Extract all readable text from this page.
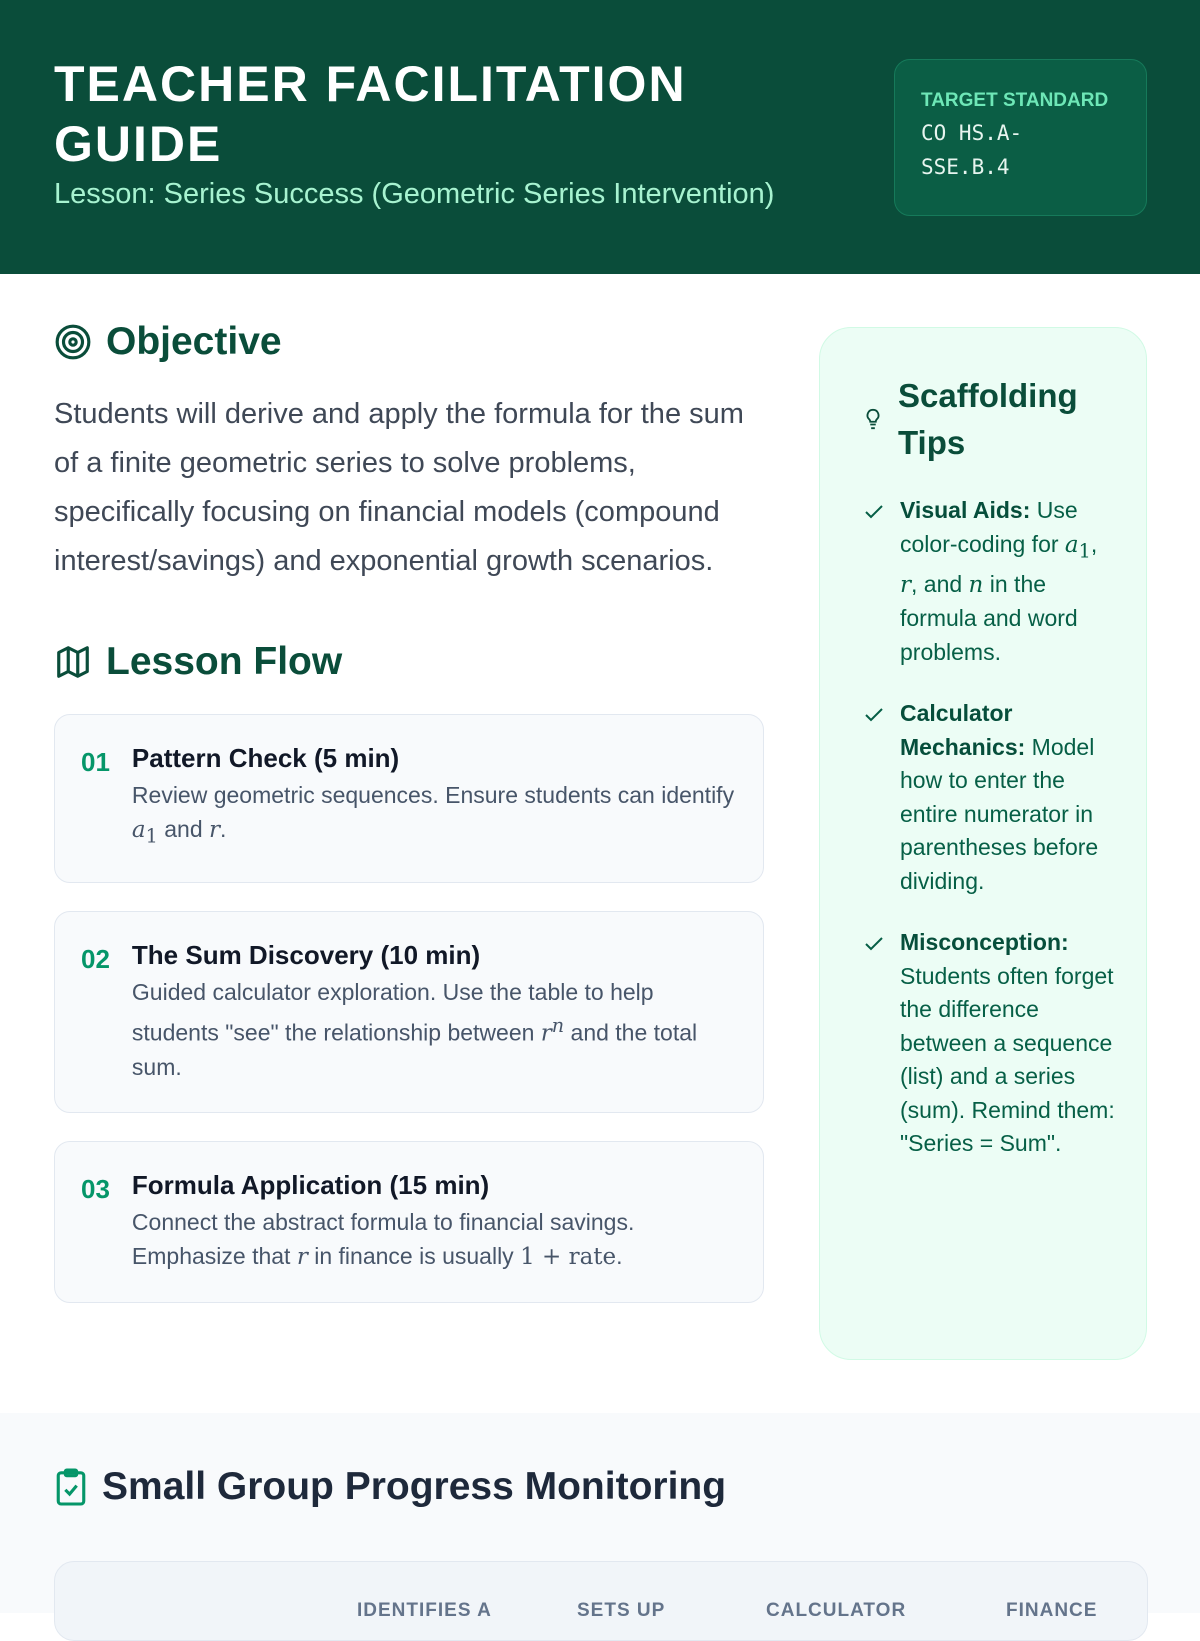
TEACHER FACILITATION GUIDE
Lesson: Series Success (Geometric Series Intervention)
TARGET STANDARD
CO HS.A-SSE.B.4
Objective

Students will derive and apply the formula for the sum of a finite geometric series to solve problems, specifically focusing on financial models (compound interest/savings) and exponential growth scenarios.

Lesson Flow
01 Pattern Check (5 min)
Review geometric sequences. Ensure students can identify $a_1$ and r.
02 The Sum Discovery (10 min)
Guided calculator exploration. Use the table to help students "see" the relationship between $r^n$ and the total sum.
03 Formula Application (15 min)
Connect the abstract formula to financial savings. Emphasize that r in finance is usually 1 + rate.
Scaffolding Tips
Visual Aids: Use color-coding for $a_1$, r, and n in the formula and word problems.
Calculator Mechanics: Model how to enter the entire numerator in parentheses before dividing.
Misconception: Students often forget the difference between a sequence (list) and a series (sum). Remind them: "Series = Sum".
Small Group Progress Monitoring
IDENTIFIES A	SETS UP	CALCULATOR	FINANCE
